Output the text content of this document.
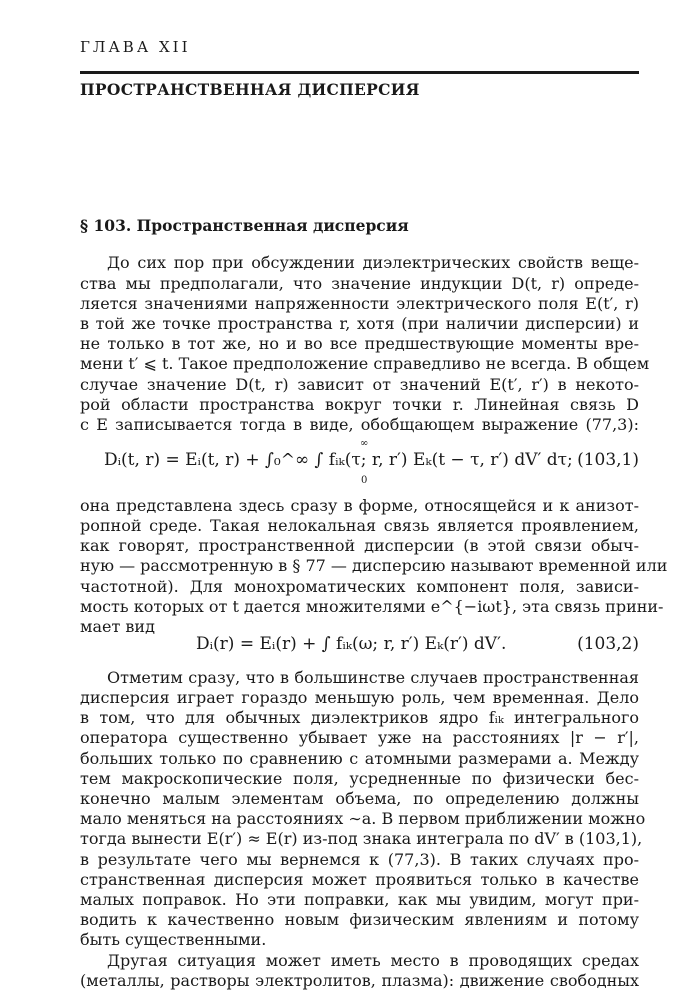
ГЛАВА XII
ПРОСТРАНСТВЕННАЯ ДИСПЕРСИЯ
§ 103. Пространственная дисперсия
До сих пор при обсуждении диэлектрических свойств веще-
ства мы предполагали, что значение индукции D(t, r) опреде-
ляется значениями напряженности электрического поля E(t′, r)
в той же точке пространства r, хотя (при наличии дисперсии) и
не только в тот же, но и во все предшествующие моменты вре-
мени t′ ⩽ t. Такое предположение справедливо не всегда. В общем
случае значение D(t, r) зависит от значений E(t′, r′) в некото-
рой области пространства вокруг точки r. Линейная связь D
с E записывается тогда в виде, обобщающем выражение (77,3):
∞
Dᵢ(t, r) = Eᵢ(t, r) + ∫₀^∞ ∫ fᵢₖ(τ; r, r′) Eₖ(t − τ, r′) dV′ dτ;
0
(103,1)
она представлена здесь сразу в форме, относящейся и к анизот-
ропной среде. Такая нелокальная связь является проявлением,
как говорят, пространственной дисперсии (в этой связи обыч-
ную — рассмотренную в § 77 — дисперсию называют временной или
частотной). Для монохроматических компонент поля, зависи-
мость которых от t дается множителями e^{−iωt}, эта связь прини-
мает вид
Dᵢ(r) = Eᵢ(r) + ∫ fᵢₖ(ω; r, r′) Eₖ(r′) dV′.	(103,2)
Отметим сразу, что в большинстве случаев пространственная
дисперсия играет гораздо меньшую роль, чем временная. Дело
в том, что для обычных диэлектриков ядро fᵢₖ интегрального
оператора существенно убывает уже на расстояниях |r − r′|,
больших только по сравнению с атомными размерами a. Между
тем макроскопические поля, усредненные по физически бес-
конечно малым элементам объема, по определению должны
мало меняться на расстояниях ∼a. В первом приближении можно
тогда вынести E(r′) ≈ E(r) из-под знака интеграла по dV′ в (103,1),
в результате чего мы вернемся к (77,3). В таких случаях про-
странственная дисперсия может проявиться только в качестве
малых поправок. Но эти поправки, как мы увидим, могут при-
водить к качественно новым физическим явлениям и потому
быть существенными.
Другая ситуация может иметь место в проводящих средах
(металлы, растворы электролитов, плазма): движение свободных
